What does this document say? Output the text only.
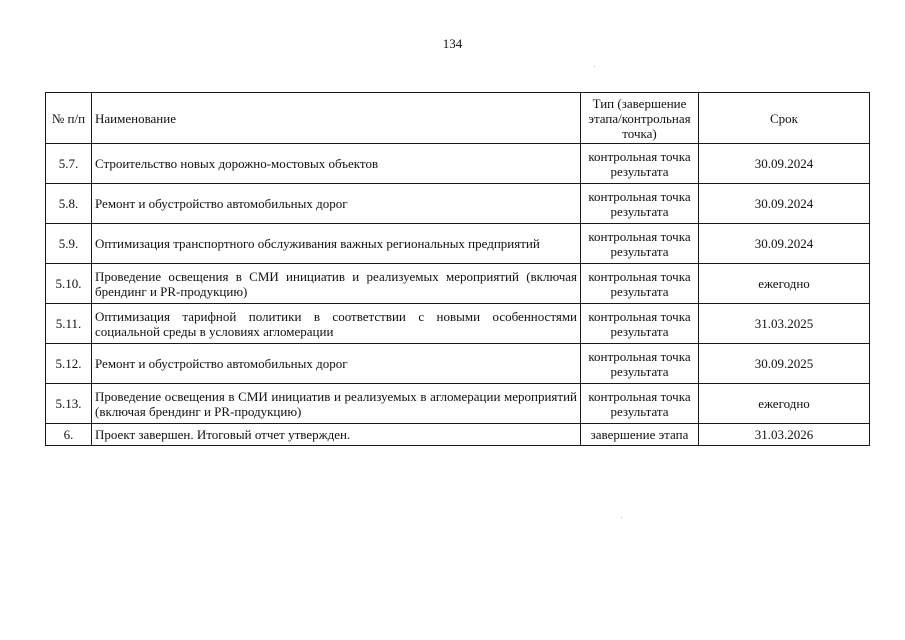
134
№ п/п	Наименование	Тип (завершение этапа/контрольная точка)	Срок
5.7.	Строительство новых дорожно-мостовых объектов	контрольная точка результата	30.09.2024
5.8.	Ремонт и обустройство автомобильных дорог	контрольная точка результата	30.09.2024
5.9.	Оптимизация транспортного обслуживания важных региональных предприятий	контрольная точка результата	30.09.2024
5.10.	Проведение освещения в СМИ инициатив и реализуемых мероприятий (включая брендинг и PR-продукцию)	контрольная точка результата	ежегодно
5.11.	Оптимизация тарифной политики в соответствии с новыми особенностями социальной среды в условиях агломерации	контрольная точка результата	31.03.2025
5.12.	Ремонт и обустройство автомобильных дорог	контрольная точка результата	30.09.2025
5.13.	Проведение освещения в СМИ инициатив и реализуемых в агломерации мероприятий (включая брендинг и PR-продукцию)	контрольная точка результата	ежегодно
6.	Проект завершен. Итоговый отчет утвержден.	завершение этапа	31.03.2026
